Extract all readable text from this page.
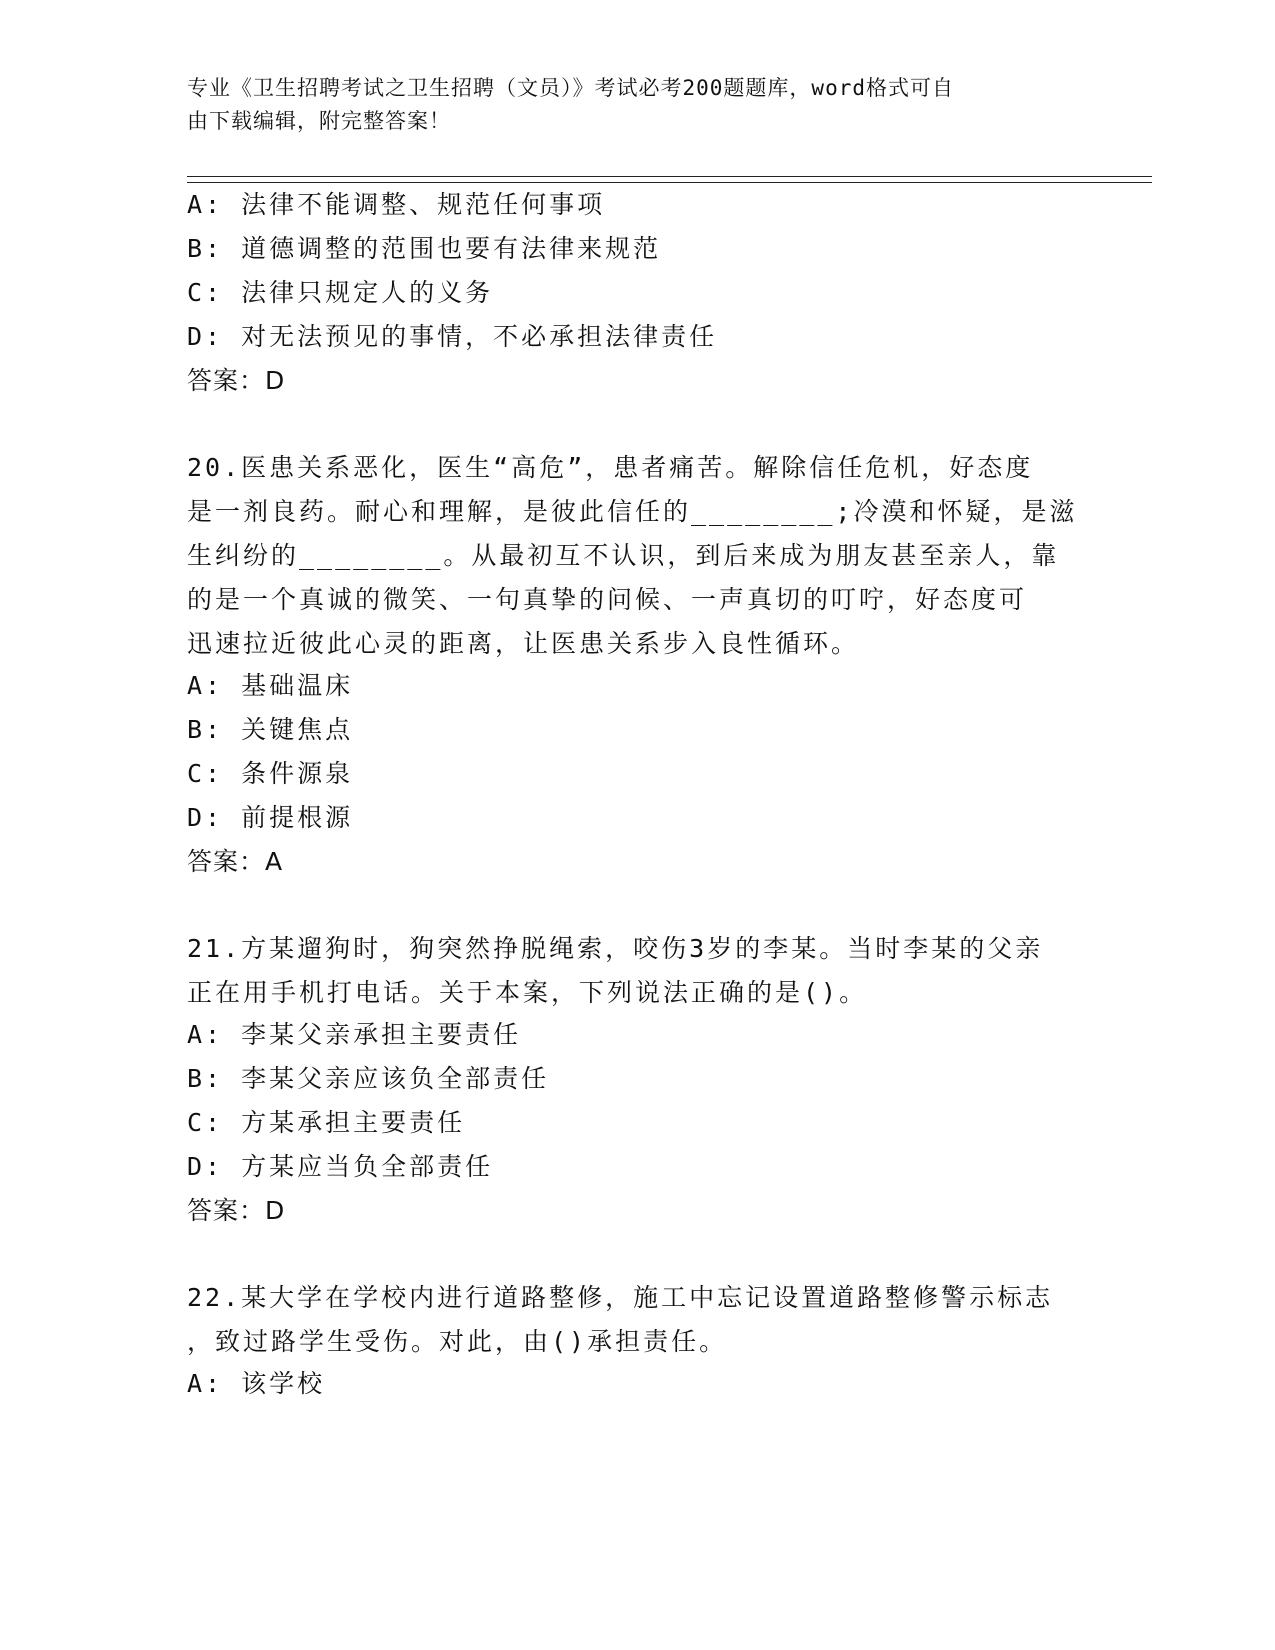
专业《卫生招聘考试之卫生招聘（文员）》考试必考200题题库，word格式可自
由下载编辑，附完整答案！
A: 法律不能调整、规范任何事项
B: 道德调整的范围也要有法律来规范
C: 法律只规定人的义务
D: 对无法预见的事情，不必承担法律责任
答案：D
20.医患关系恶化，医生“高危”，患者痛苦。解除信任危机，好态度
是一剂良药。耐心和理解，是彼此信任的________;冷漠和怀疑，是滋
生纠纷的________。从最初互不认识，到后来成为朋友甚至亲人，靠
的是一个真诚的微笑、一句真挚的问候、一声真切的叮咛，好态度可
迅速拉近彼此心灵的距离，让医患关系步入良性循环。
A: 基础温床
B: 关键焦点
C: 条件源泉
D: 前提根源
答案：A
21.方某遛狗时，狗突然挣脱绳索，咬伤3岁的李某。当时李某的父亲
正在用手机打电话。关于本案，下列说法正确的是()。
A: 李某父亲承担主要责任
B: 李某父亲应该负全部责任
C: 方某承担主要责任
D: 方某应当负全部责任
答案：D
22.某大学在学校内进行道路整修，施工中忘记设置道路整修警示标志
，致过路学生受伤。对此，由()承担责任。
A: 该学校
